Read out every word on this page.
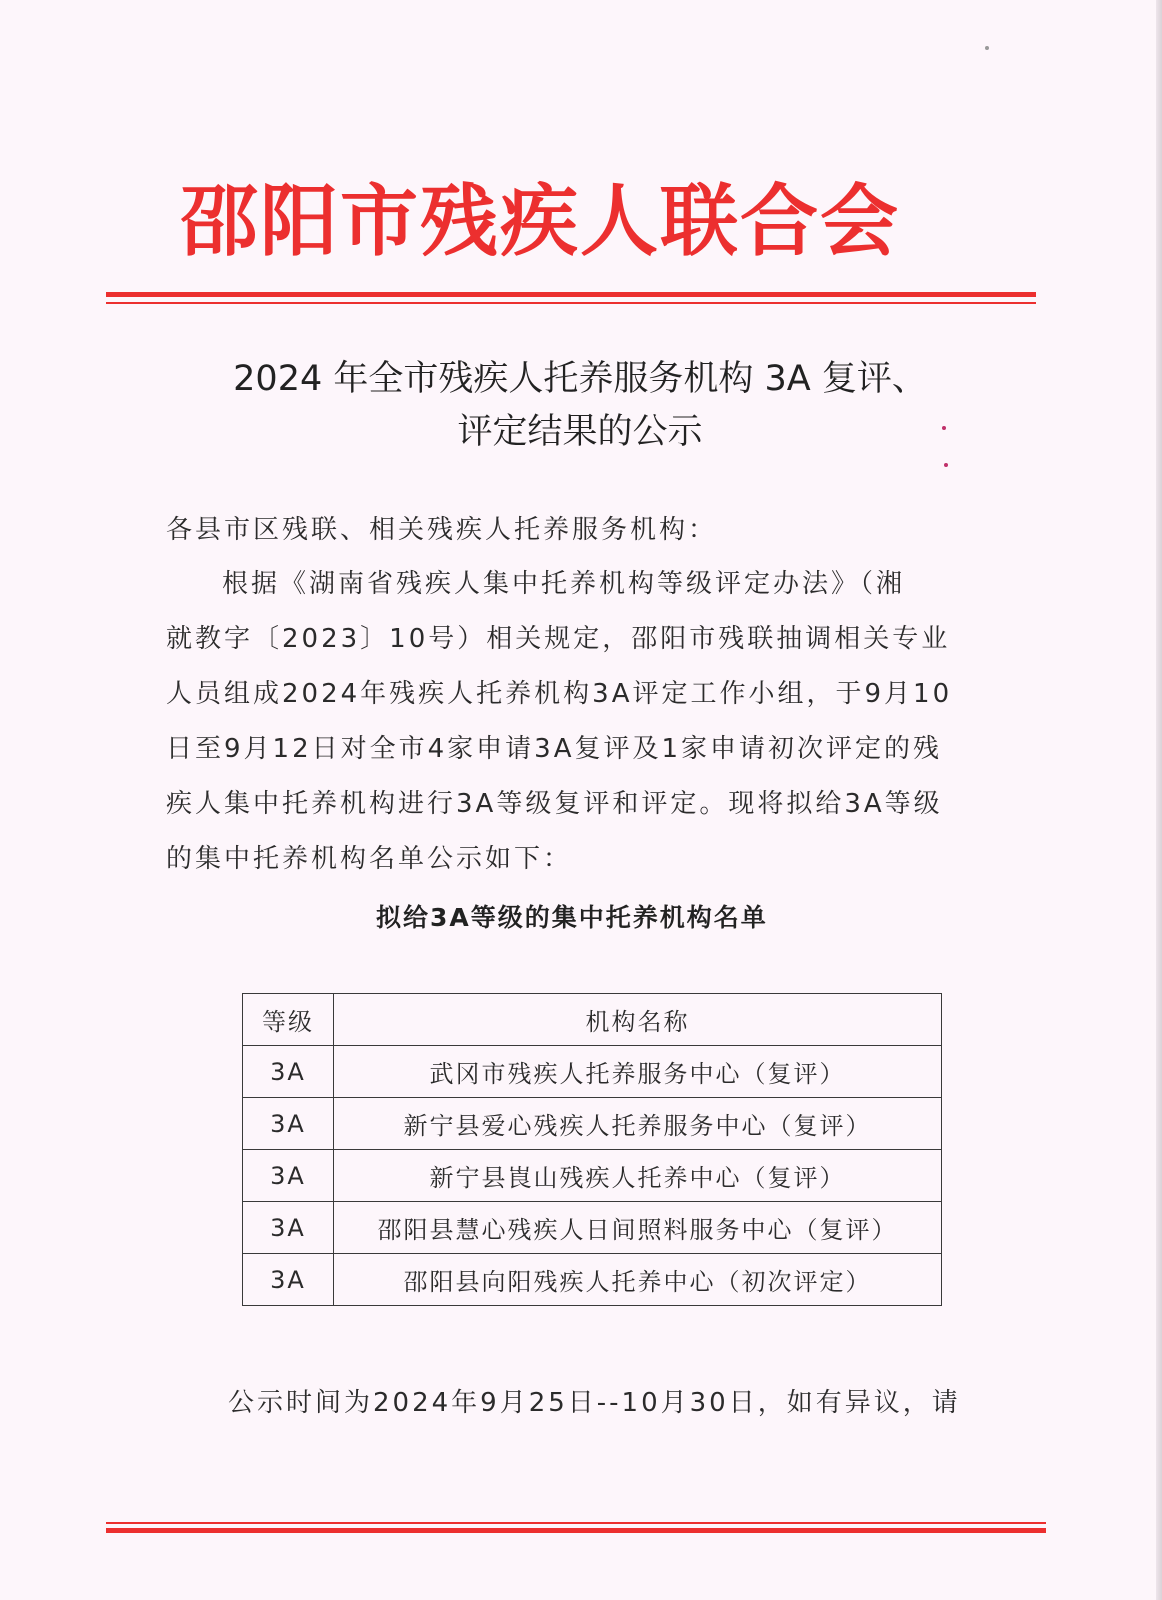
邵阳市残疾人联合会
2024 年全市残疾人托养服务机构 3A 复评、
评定结果的公示
各县市区残联、相关残疾人托养服务机构：
根据《湖南省残疾人集中托养机构等级评定办法》（湘
就教字〔2023〕10号）相关规定，邵阳市残联抽调相关专业
人员组成2024年残疾人托养机构3A评定工作小组，于9月10
日至9月12日对全市4家申请3A复评及1家申请初次评定的残
疾人集中托养机构进行3A等级复评和评定。现将拟给3A等级
的集中托养机构名单公示如下：
拟给3A等级的集中托养机构名单
等级	机构名称
3A	武冈市残疾人托养服务中心（复评）
3A	新宁县爱心残疾人托养服务中心（复评）
3A	新宁县崀山残疾人托养中心（复评）
3A	邵阳县慧心残疾人日间照料服务中心（复评）
3A	邵阳县向阳残疾人托养中心（初次评定）
公示时间为2024年9月25日--10月30日，如有异议，请
